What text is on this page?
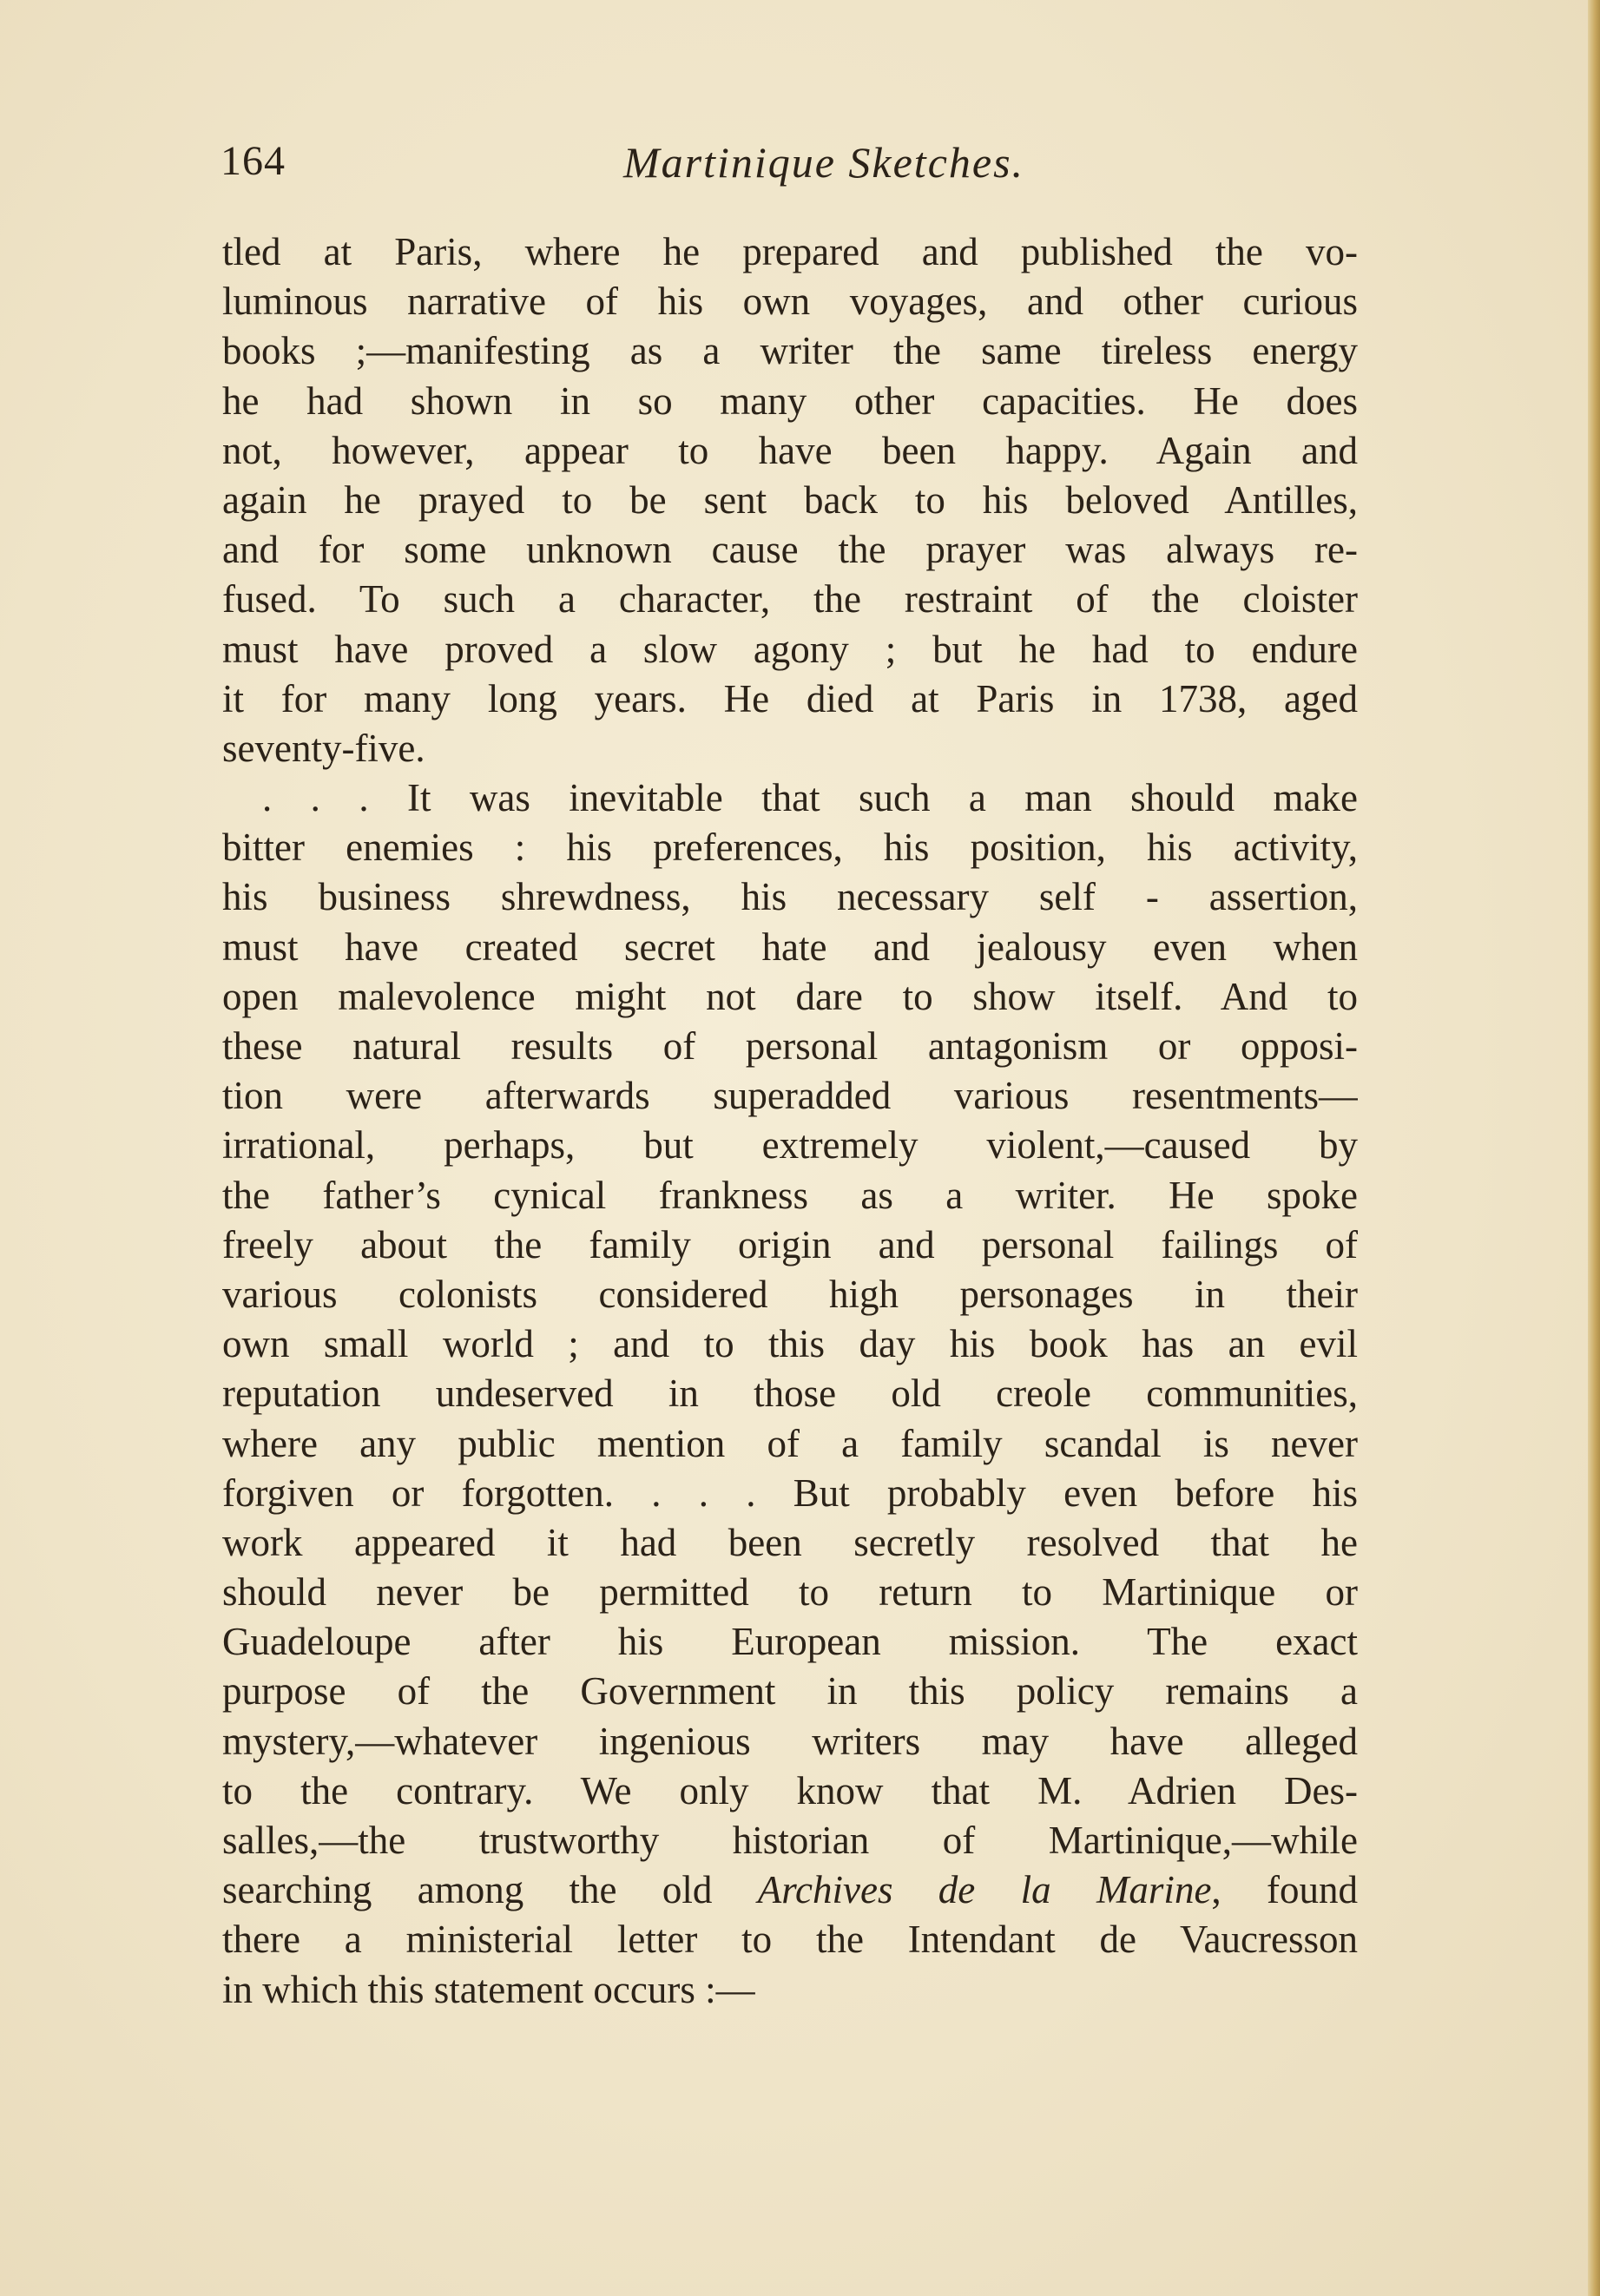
164	Martinique Sketches.
tled at Paris, where he prepared and published the vo-
luminous narrative of his own voyages, and other curious
books ;—manifesting as a writer the same tireless energy
he had shown in so many other capacities. He does
not, however, appear to have been happy. Again and
again he prayed to be sent back to his beloved Antilles,
and for some unknown cause the prayer was always re-
fused. To such a character, the restraint of the cloister
must have proved a slow agony ; but he had to endure
it for many long years. He died at Paris in 1738, aged
seventy-five.
. . . It was inevitable that such a man should make
bitter enemies : his preferences, his position, his activity,
his business shrewdness, his necessary self - assertion,
must have created secret hate and jealousy even when
open malevolence might not dare to show itself. And to
these natural results of personal antagonism or opposi-
tion were afterwards superadded various resentments—
irrational, perhaps, but extremely violent,—caused by
the father’s cynical frankness as a writer. He spoke
freely about the family origin and personal failings of
various colonists considered high personages in their
own small world ; and to this day his book has an evil
reputation undeserved in those old creole communities,
where any public mention of a family scandal is never
forgiven or forgotten. . . . But probably even before his
work appeared it had been secretly resolved that he
should never be permitted to return to Martinique or
Guadeloupe after his European mission. The exact
purpose of the Government in this policy remains a
mystery,—whatever ingenious writers may have alleged
to the contrary. We only know that M. Adrien Des-
salles,—the trustworthy historian of Martinique,—while
searching among the old Archives de la Marine, found
there a ministerial letter to the Intendant de Vaucresson
in which this statement occurs :—
